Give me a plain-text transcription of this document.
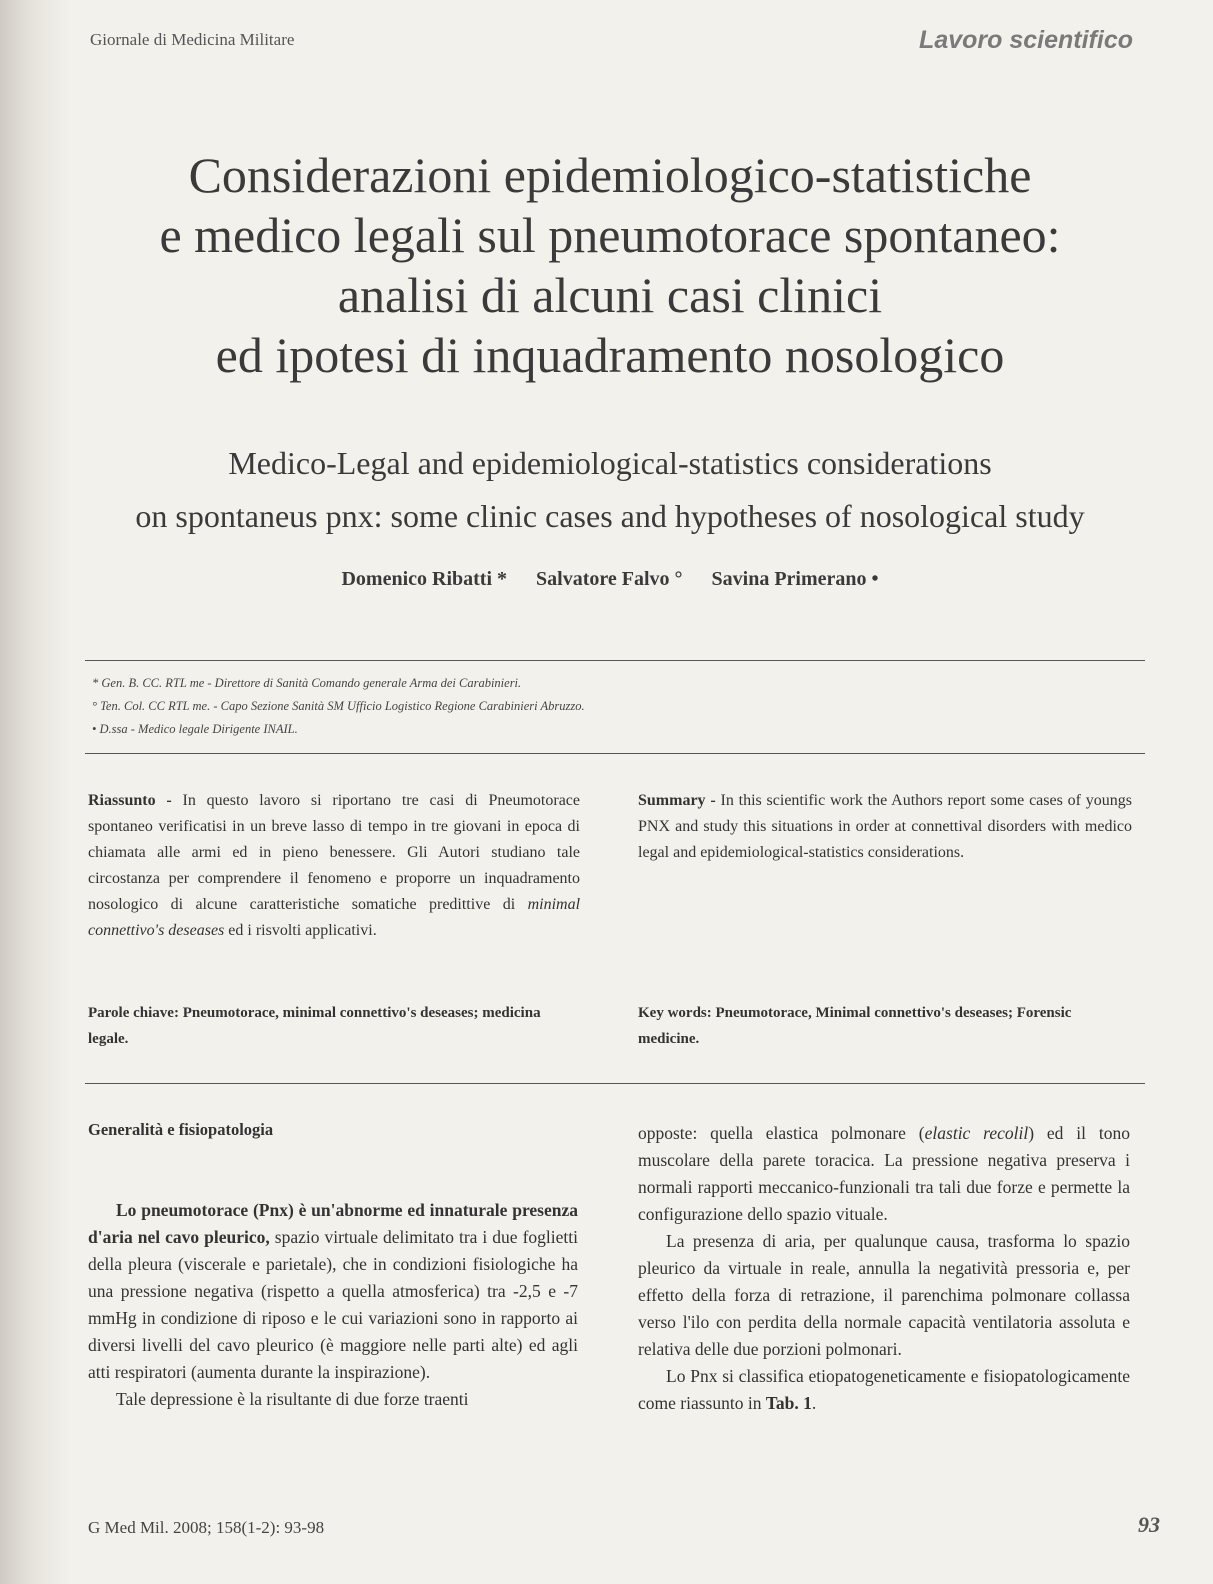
Giornale di Medicina Militare	Lavoro scientifico
Considerazioni epidemiologico-statistiche
e medico legali sul pneumotorace spontaneo:
analisi di alcuni casi clinici
ed ipotesi di inquadramento nosologico
Medico-Legal and epidemiological-statistics considerations
on spontaneus pnx: some clinic cases and hypotheses of nosological study
Domenico Ribatti * Salvatore Falvo ° Savina Primerano •
* Gen. B. CC. RTL me - Direttore di Sanità Comando generale Arma dei Carabinieri.
° Ten. Col. CC RTL me. - Capo Sezione Sanità SM Ufficio Logistico Regione Carabinieri Abruzzo.
• D.ssa - Medico legale Dirigente INAIL.

Riassunto - In questo lavoro si riportano tre casi di Pneumotorace spontaneo verificatisi in un breve lasso di tempo in tre giovani in epoca di chiamata alle armi ed in pieno benessere. Gli Autori studiano tale circostanza per comprendere il fenomeno e proporre un inquadramento nosologico di alcune caratteristiche somatiche predittive di minimal connettivo's deseases ed i risvolti applicativi.

Summary - In this scientific work the Authors report some cases of youngs PNX and study this situations in order at connettival disorders with medico legal and epidemiological-statistics considerations.

Parole chiave: Pneumotorace, minimal connettivo's deseases; medicina legale.
Key words: Pneumotorace, Minimal connettivo's deseases; Forensic medicine.
Generalità e fisiopatologia

Lo pneumotorace (Pnx) è un'abnorme ed innaturale presenza d'aria nel cavo pleurico, spazio virtuale delimitato tra i due foglietti della pleura (viscerale e parietale), che in condizioni fisiologiche ha una pressione negativa (rispetto a quella atmosferica) tra -2,5 e -7 mmHg in condizione di riposo e le cui variazioni sono in rapporto ai diversi livelli del cavo pleurico (è maggiore nelle parti alte) ed agli atti respiratori (aumenta durante la inspirazione).

Tale depressione è la risultante di due forze traenti

opposte: quella elastica polmonare (elastic recolil) ed il tono muscolare della parete toracica. La pressione negativa preserva i normali rapporti meccanico-funzionali tra tali due forze e permette la configurazione dello spazio vituale.

La presenza di aria, per qualunque causa, trasforma lo spazio pleurico da virtuale in reale, annulla la negatività pressoria e, per effetto della forza di retrazione, il parenchima polmonare collassa verso l'ilo con perdita della normale capacità ventilatoria assoluta e relativa delle due porzioni polmonari.

Lo Pnx si classifica etiopatogeneticamente e fisiopatologicamente come riassunto in Tab. 1.

G Med Mil. 2008; 158(1-2): 93-98	93
